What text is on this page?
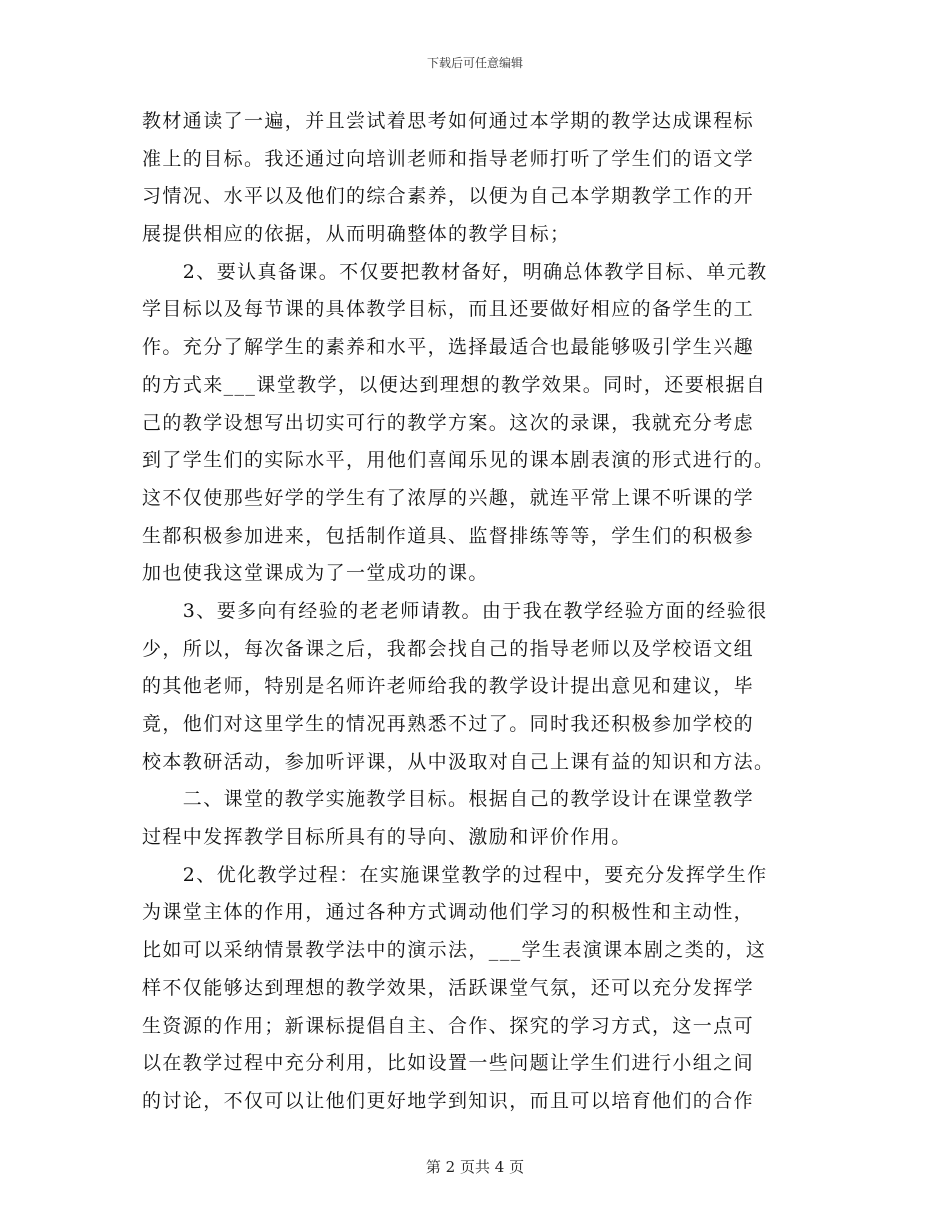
下载后可任意编辑
教材通读了一遍，并且尝试着思考如何通过本学期的教学达成课程标
准上的目标。我还通过向培训老师和指导老师打听了学生们的语文学
习情况、水平以及他们的综合素养，以便为自己本学期教学工作的开
展提供相应的依据，从而明确整体的教学目标；
　　2、要认真备课。不仅要把教材备好，明确总体教学目标、单元教
学目标以及每节课的具体教学目标，而且还要做好相应的备学生的工
作。充分了解学生的素养和水平，选择最适合也最能够吸引学生兴趣
的方式来___课堂教学，以便达到理想的教学效果。同时，还要根据自
己的教学设想写出切实可行的教学方案。这次的录课，我就充分考虑
到了学生们的实际水平，用他们喜闻乐见的课本剧表演的形式进行的。
这不仅使那些好学的学生有了浓厚的兴趣，就连平常上课不听课的学
生都积极参加进来，包括制作道具、监督排练等等，学生们的积极参
加也使我这堂课成为了一堂成功的课。
　　3、要多向有经验的老老师请教。由于我在教学经验方面的经验很
少，所以，每次备课之后，我都会找自己的指导老师以及学校语文组
的其他老师，特别是名师许老师给我的教学设计提出意见和建议，毕
竟，他们对这里学生的情况再熟悉不过了。同时我还积极参加学校的
校本教研活动，参加听评课，从中汲取对自己上课有益的知识和方法。
　　二、课堂的教学实施教学目标。根据自己的教学设计在课堂教学
过程中发挥教学目标所具有的导向、激励和评价作用。
　　2、优化教学过程：在实施课堂教学的过程中，要充分发挥学生作
为课堂主体的作用，通过各种方式调动他们学习的积极性和主动性，
比如可以采纳情景教学法中的演示法，___学生表演课本剧之类的，这
样不仅能够达到理想的教学效果，活跃课堂气氛，还可以充分发挥学
生资源的作用；新课标提倡自主、合作、探究的学习方式，这一点可
以在教学过程中充分利用，比如设置一些问题让学生们进行小组之间
的讨论，不仅可以让他们更好地学到知识，而且可以培育他们的合作
第 2 页共 4 页
